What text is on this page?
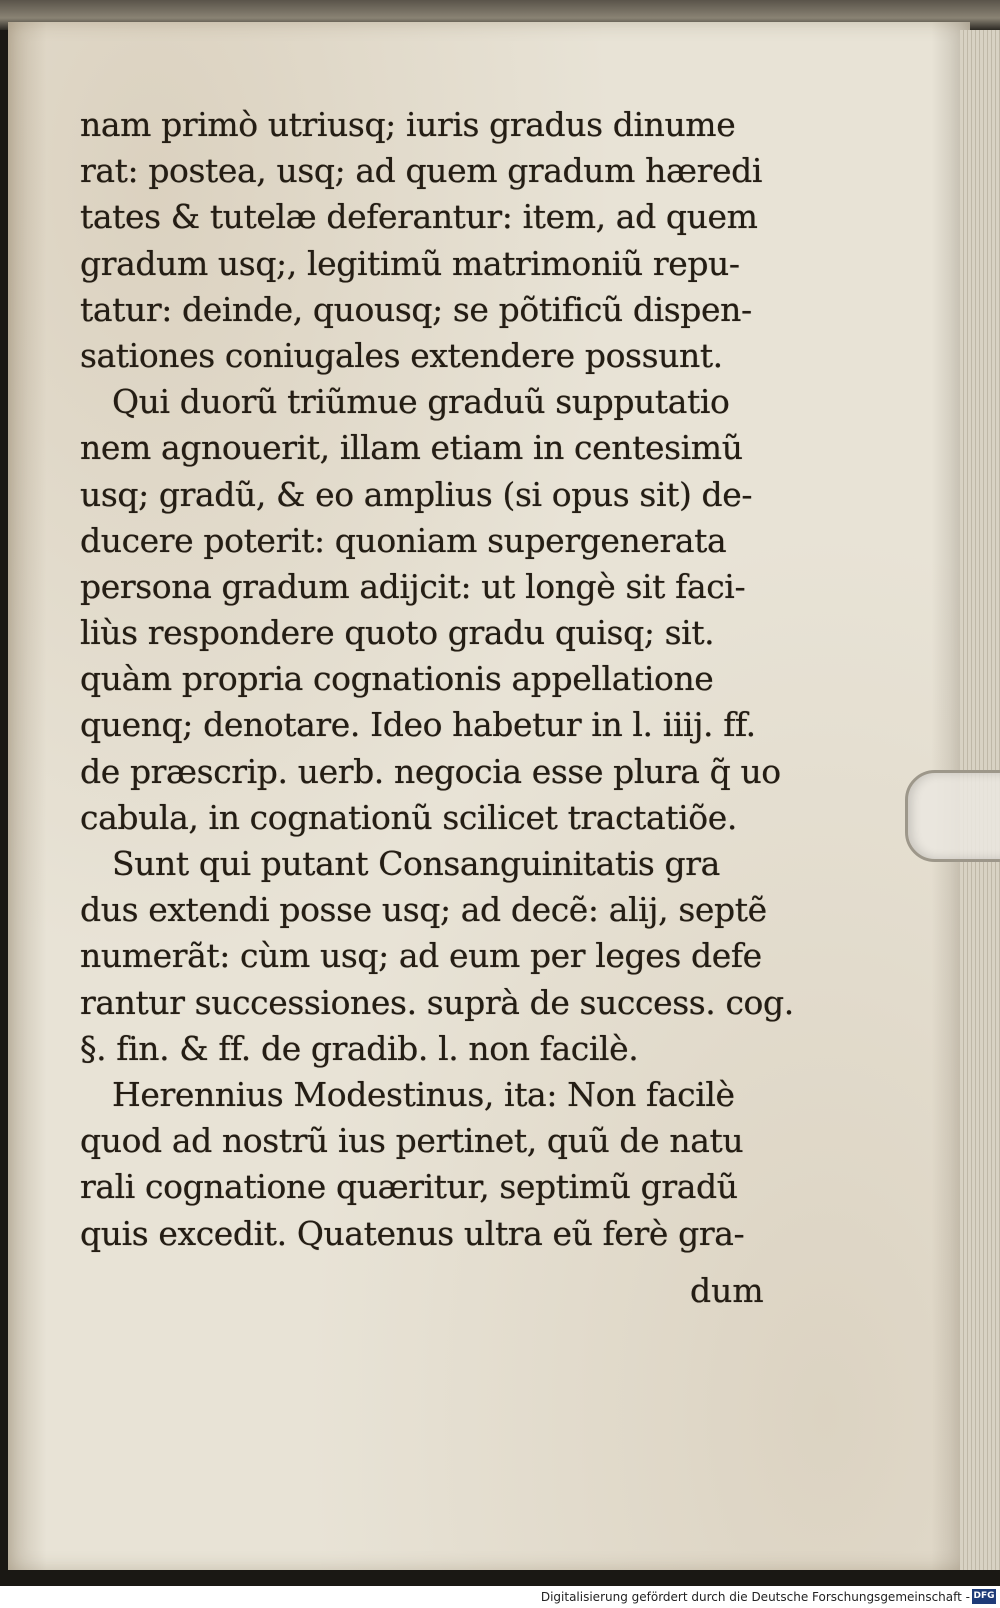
nam primò utriusq; iuris gradus dinume
rat: postea, usq; ad quem gradum hæredi
tates & tutelæ deferantur: item, ad quem
gradum usq;, legitimũ matrimoniũ repu-
tatur: deinde, quousq; se põtificũ dispen-
sationes coniugales extendere possunt.
Qui duorũ triũmue graduũ supputatio
nem agnouerit, illam etiam in centesimũ
usq; gradũ, & eo amplius (si opus sit) de-
ducere poterit: quoniam supergenerata
persona gradum adijcit: ut longè sit faci-
liùs respondere quoto gradu quisq; sit.
quàm propria cognationis appellatione
quenq; denotare. Ideo habetur in l. iiij. ff.
de præscrip. uerb. negocia esse plura q̃ uo
cabula, in cognationũ scilicet tractatiõe.
Sunt qui putant Consanguinitatis gra
dus extendi posse usq; ad decẽ: alij, septẽ
numerãt: cùm usq; ad eum per leges defe
rantur successiones. suprà de success. cog.
§. fin. & ff. de gradib. l. non facilè.
Herennius Modestinus, ita: Non facilè
quod ad nostrũ ius pertinet, quũ de natu
rali cognatione quæritur, septimũ gradũ
quis excedit. Quatenus ultra eũ ferè gra-
dum
Digitalisierung gefördert durch die Deutsche Forschungsgemeinschaft - DFG
